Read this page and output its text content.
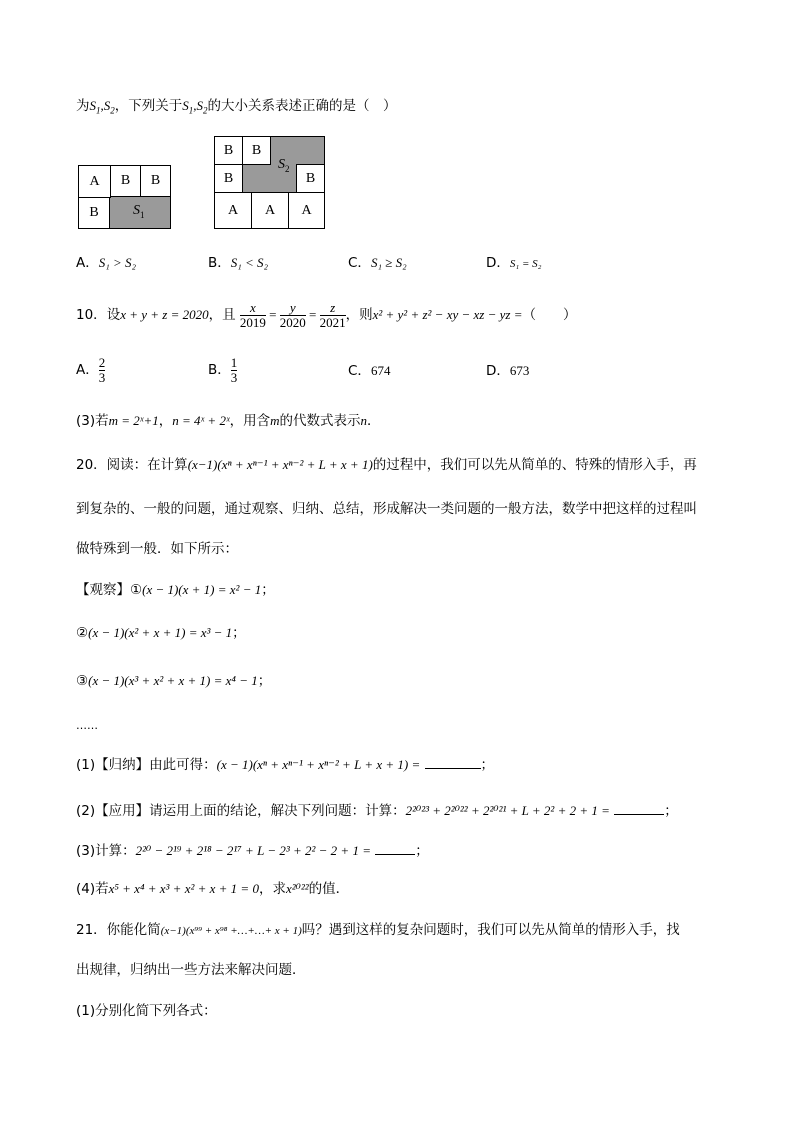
为$S_1,S_2$，下列关于$S_1,S_2$的大小关系表述正确的是（　）
$S_1$
A B B
B
$S_2$
B B
B	B
A A A
A．S₁ > S₂	B．S₁ < S₂	C．S₁ ≥ S₂	D．S₁ = S₂
10．设x + y + z = 2020，且 $\frac{x}{2019} = \frac{y}{2020} = \frac{z}{2021}$ ，则x² + y² + z² − xy − xz − yz =（　　）
A． $\frac{2}{3}$	B． $\frac{1}{3}$	C．674	D．673
(3)若m = 2ˣ+1，n = 4ˣ + 2ˣ，用含m的代数式表示n．
20．阅读：在计算(x−1)(xⁿ + xⁿ⁻¹ + xⁿ⁻² + L + x + 1)的过程中，我们可以先从简单的、特殊的情形入手，再
到复杂的、一般的问题，通过观察、归纳、总结，形成解决一类问题的一般方法，数学中把这样的过程叫
做特殊到一般．如下所示：
【观察】①(x − 1)(x + 1) = x² − 1；
②(x − 1)(x² + x + 1) = x³ − 1；
③(x − 1)(x³ + x² + x + 1) = x⁴ − 1；
……
(1)【归纳】由此可得：(x − 1)(xⁿ + xⁿ⁻¹ + xⁿ⁻² + L + x + 1) =	；
(2)【应用】请运用上面的结论，解决下列问题：计算：2²⁰²³ + 2²⁰²² + 2²⁰²¹ + L + 2² + 2 + 1 =	；
(3)计算：2²⁰ − 2¹⁹ + 2¹⁸ − 2¹⁷ + L − 2³ + 2² − 2 + 1 =	；
(4)若x⁵ + x⁴ + x³ + x² + x + 1 = 0，求x²⁰²²的值．
21．你能化简(x−1)(x⁹⁹ + x⁹⁸ +…+…+ x + 1)吗？遇到这样的复杂问题时，我们可以先从简单的情形入手，找
出规律，归纳出一些方法来解决问题．
(1)分别化简下列各式：
